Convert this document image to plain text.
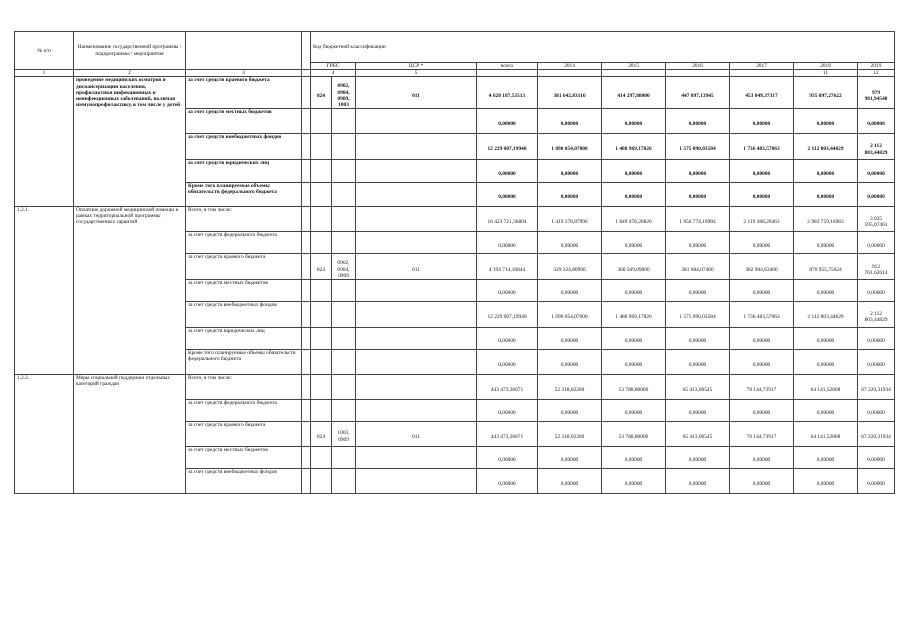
№ п/п	Наименование государственной программы / подпрограммы / мероприятия			Код бюджетной классификации										
				ГРБС		ЦСР *	всего	2014	2015	2016	2017	2018	2019	
1	2	3		4		5						11	12	
	проведение медицинских осмотров и диспансеризации населения, профилактики инфекционных и неинфекционных заболеваний, включая иммунопрофилактику, в том числе у детей	за счет средств краевого бюджета		824	0902, 0904, 0909, 1003	011	4 628 187,53513	381 642,83116	414 297,88000	447 097,13945	453 049,37317	935 097,27622	979 981,94548	
		за счет средств местных бюджетов					0,00000	0,00000	0,00000	0,00000	0,00000	0,00000	0,00000	
		за счет средств внебюджетных фондов					12 229 007,19940	1 090 054,07000	1 488 969,17826	1 575 090,03584	1 736 483,57063	2 112 803,44829	2 112 803,44829	
		за счет средств юридических лиц					0,00000	0,00000	0,00000	0,00000	0,00000	0,00000	0,00000	
		Кроме того планируемые объемы обязательств федерального бюджета					0,00000	0,00000	0,00000	0,00000	0,00000	0,00000	0,00000	
1.2.1.	Оплатние дорожной медицинской помощи в рамках территориальной программы государственных гарантий	Всего, в том числе:					16 423 721,36804	1 419 378,87996	1 849 478,26826	1 956 774,10984	2 119 388,20463	2 983 759,16983	3 025 595,07463	
		за счет средств федерального бюджета					0,00000	0,00000	0,00000	0,00000	0,00000	0,00000	0,00000	
		за счет средств краевого бюджета		824	0902, 0904, 0909	011	4 194 714,16844	329 324,80996	360 509,09000	381 684,07400	382 904,63400	870 955,75024	912 761,62614	
		за счет средств местных бюджетов					0,00000	0,00000	0,00000	0,00000	0,00000	0,00000	0,00000	
		за счет средств внебюджетных фондов					12 229 007,19940	1 090 054,07000	1 488 969,17826	1 575 090,03584	1 736 483,57063	2 112 803,44829	2 112 803,44829	
		за счет средств юридических лиц					0,00000	0,00000	0,00000	0,00000	0,00000	0,00000	0,00000	
		Кроме того планируемые объемы обязательств федерального бюджета					0,00000	0,00000	0,00000	0,00000	0,00000	0,00000	0,00000	
1.2.2.	Меры социальной поддержки отдельных категорий граждан	Всего, в том числе:					443 473,36671	52 318,02200	53 788,80000	65 413,06545	70 144,73917	64 141,52608	67 220,31934	
		за счет средств федерального бюджета					0,00000	0,00000	0,00000	0,00000	0,00000	0,00000	0,00000	
		за счет средств краевого бюджета		824	1003, 0909	011	443 473,36671	52 318,02200	53 788,80000	65 413,06545	70 144,73917	64 141,52608	67 220,31934	
		за счет средств местных бюджетов					0,00000	0,00000	0,00000	0,00000	0,00000	0,00000	0,00000	
		за счет средств внебюджетных фондов					0,00000	0,00000	0,00000	0,00000	0,00000	0,00000	0,00000	
